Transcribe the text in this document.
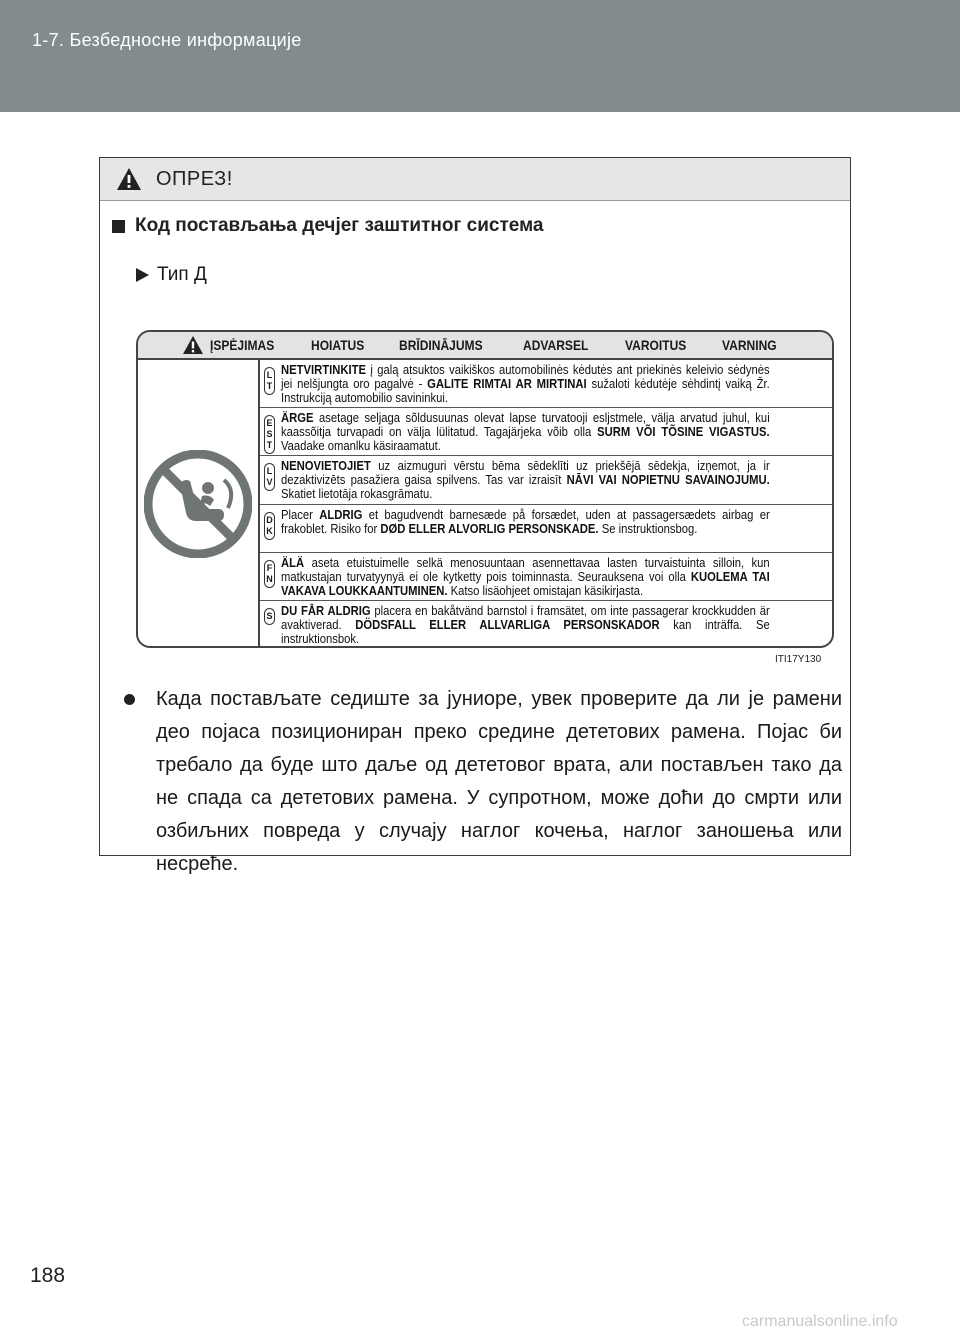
1-7. Безбедносне информације
ОПРЕЗ!
Код постављања дечјег заштитног система
Тип Д
ĮSPĖJIMAS	HOIATUS BRĪDINĀJUMS	ADVARSEL	VAROITUS	VARNING
L
T
NETVIRTINKITE į galą atsuktos vaikiškos automobilinės kėdutės ant priekinės keleivio sėdynės jei nelšjungta oro pagalvė - GALITE RIMTAI AR MIRTINAI sužaloti kėdutėje sėhdintį vaiką Žr. Instrukciją automobilio savininkui.
E
S
T
ÄRGE asetage seljaga sõldusuunas olevat lapse turvatooji esljstmele, välja arvatud juhul, kui kaassõitja turvapadi on välja lülitatud. Tagajärjeka võib olla SURM VÕI TÕSINE VIGASTUS. Vaadake omanlku käsiraamatut.
L
V
NENOVIETOJIET uz aizmuguri vērstu bēma sēdeklīti uz priekšējā sēdekja, izņemot, ja ir dezaktivizēts pasažiera gaisa spilvens. Tas var izraisīt NĀVI VAI NOPIETNU SAVAINOJUMU. Skatiet lietotāja rokasgrāmatu.
D
K
Placer ALDRIG et bagudvendt barnesæde på forsædet, uden at passagersædets airbag er frakoblet. Risiko for DØD ELLER ALVORLIG PERSONSKADE. Se instruktionsbog.
F
N
ÄLÄ aseta etuistuimelle selkä menosuuntaan asennettavaa lasten turvaistuinta silloin, kun matkustajan turvatyynyä ei ole kytketty pois toiminnasta. Seurauksena voi olla KUOLEMA TAI VAKAVA LOUKKAANTUMINEN. Katso lisäohjeet omistajan käsikirjasta.
S DU FÅR ALDRIG placera en bakåtvänd barnstol i framsätet, om inte passagerar krockkudden är avaktiverad. DÖDSFALL ELLER ALLVARLIGA PERSONSKADOR kan inträffa. Se instruktionsbok.
ITI17Y130
Када постављате седиште за јуниоре, увек проверите да ли је рамени део појаса позициониран преко средине дететових рамена. Појас би требало да буде што даље од дететовог врата, али постављен тако да не спада са дететових рамена. У супротном, може доћи до смрти или озбиљних повреда у случају наглог кочења, наглог заношења или несреће.
188
carmanualsonline.info
